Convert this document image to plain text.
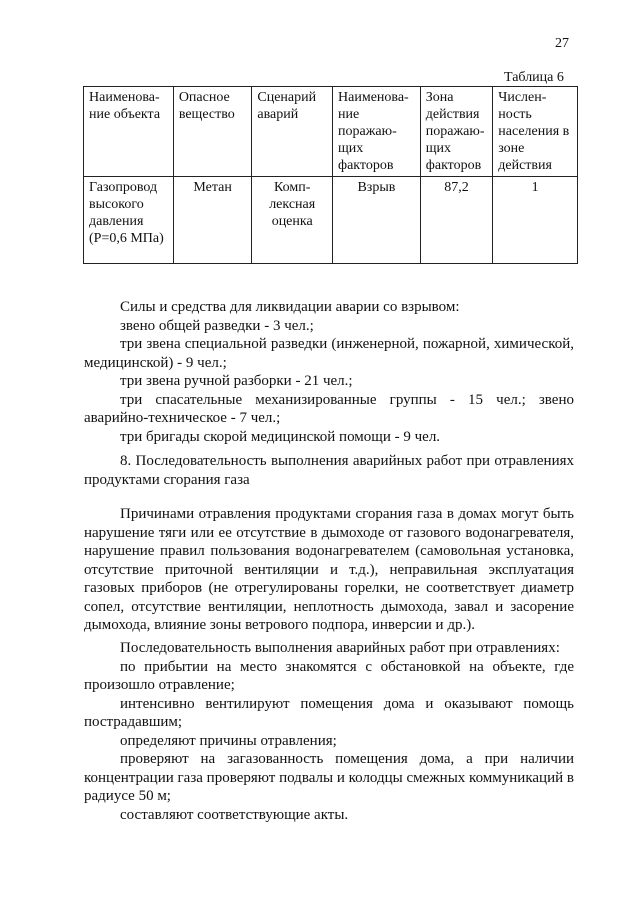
27
Таблица 6
Наименова-ние объекта	Опасное вещество	Сценарий аварий	Наименова-ние поражаю-щих факторов	Зона действия поражаю-щих факторов	Числен-ность населения в зоне действия
Газопровод высокого давления (Р=0,6 МПа)	Метан	Комп-лексная оценка	Взрыв	87,2	1

Силы и средства для ликвидации аварии со взрывом:

звено общей разведки - 3 чел.;

три звена специальной разведки (инженерной, пожарной, химической, медицинской) - 9 чел.;

три звена ручной разборки - 21 чел.;

три спасательные механизированные группы - 15 чел.; звено аварийно-техническое - 7 чел.;

три бригады скорой медицинской помощи - 9 чел.

8. Последовательность выполнения аварийных работ при отравлениях продуктами сгорания газа

Причинами отравления продуктами сгорания газа в домах могут быть нарушение тяги или ее отсутствие в дымоходе от газового водонагревателя, нарушение правил пользования водонагревателем (самовольная установка, отсутствие приточной вентиляции и т.д.), неправильная эксплуатация газовых приборов (не отрегулированы горелки, не соответствует диаметр сопел, отсутствие вентиляции, неплотность дымохода, завал и засорение дымохода, влияние зоны ветрового подпора, инверсии и др.).

Последовательность выполнения аварийных работ при отравлениях:

по прибытии на место знакомятся с обстановкой на объекте, где произошло отравление;

интенсивно вентилируют помещения дома и оказывают помощь пострадавшим;

определяют причины отравления;

проверяют на загазованность помещения дома, а при наличии концентрации газа проверяют подвалы и колодцы смежных коммуникаций в радиусе 50 м;

составляют соответствующие акты.
